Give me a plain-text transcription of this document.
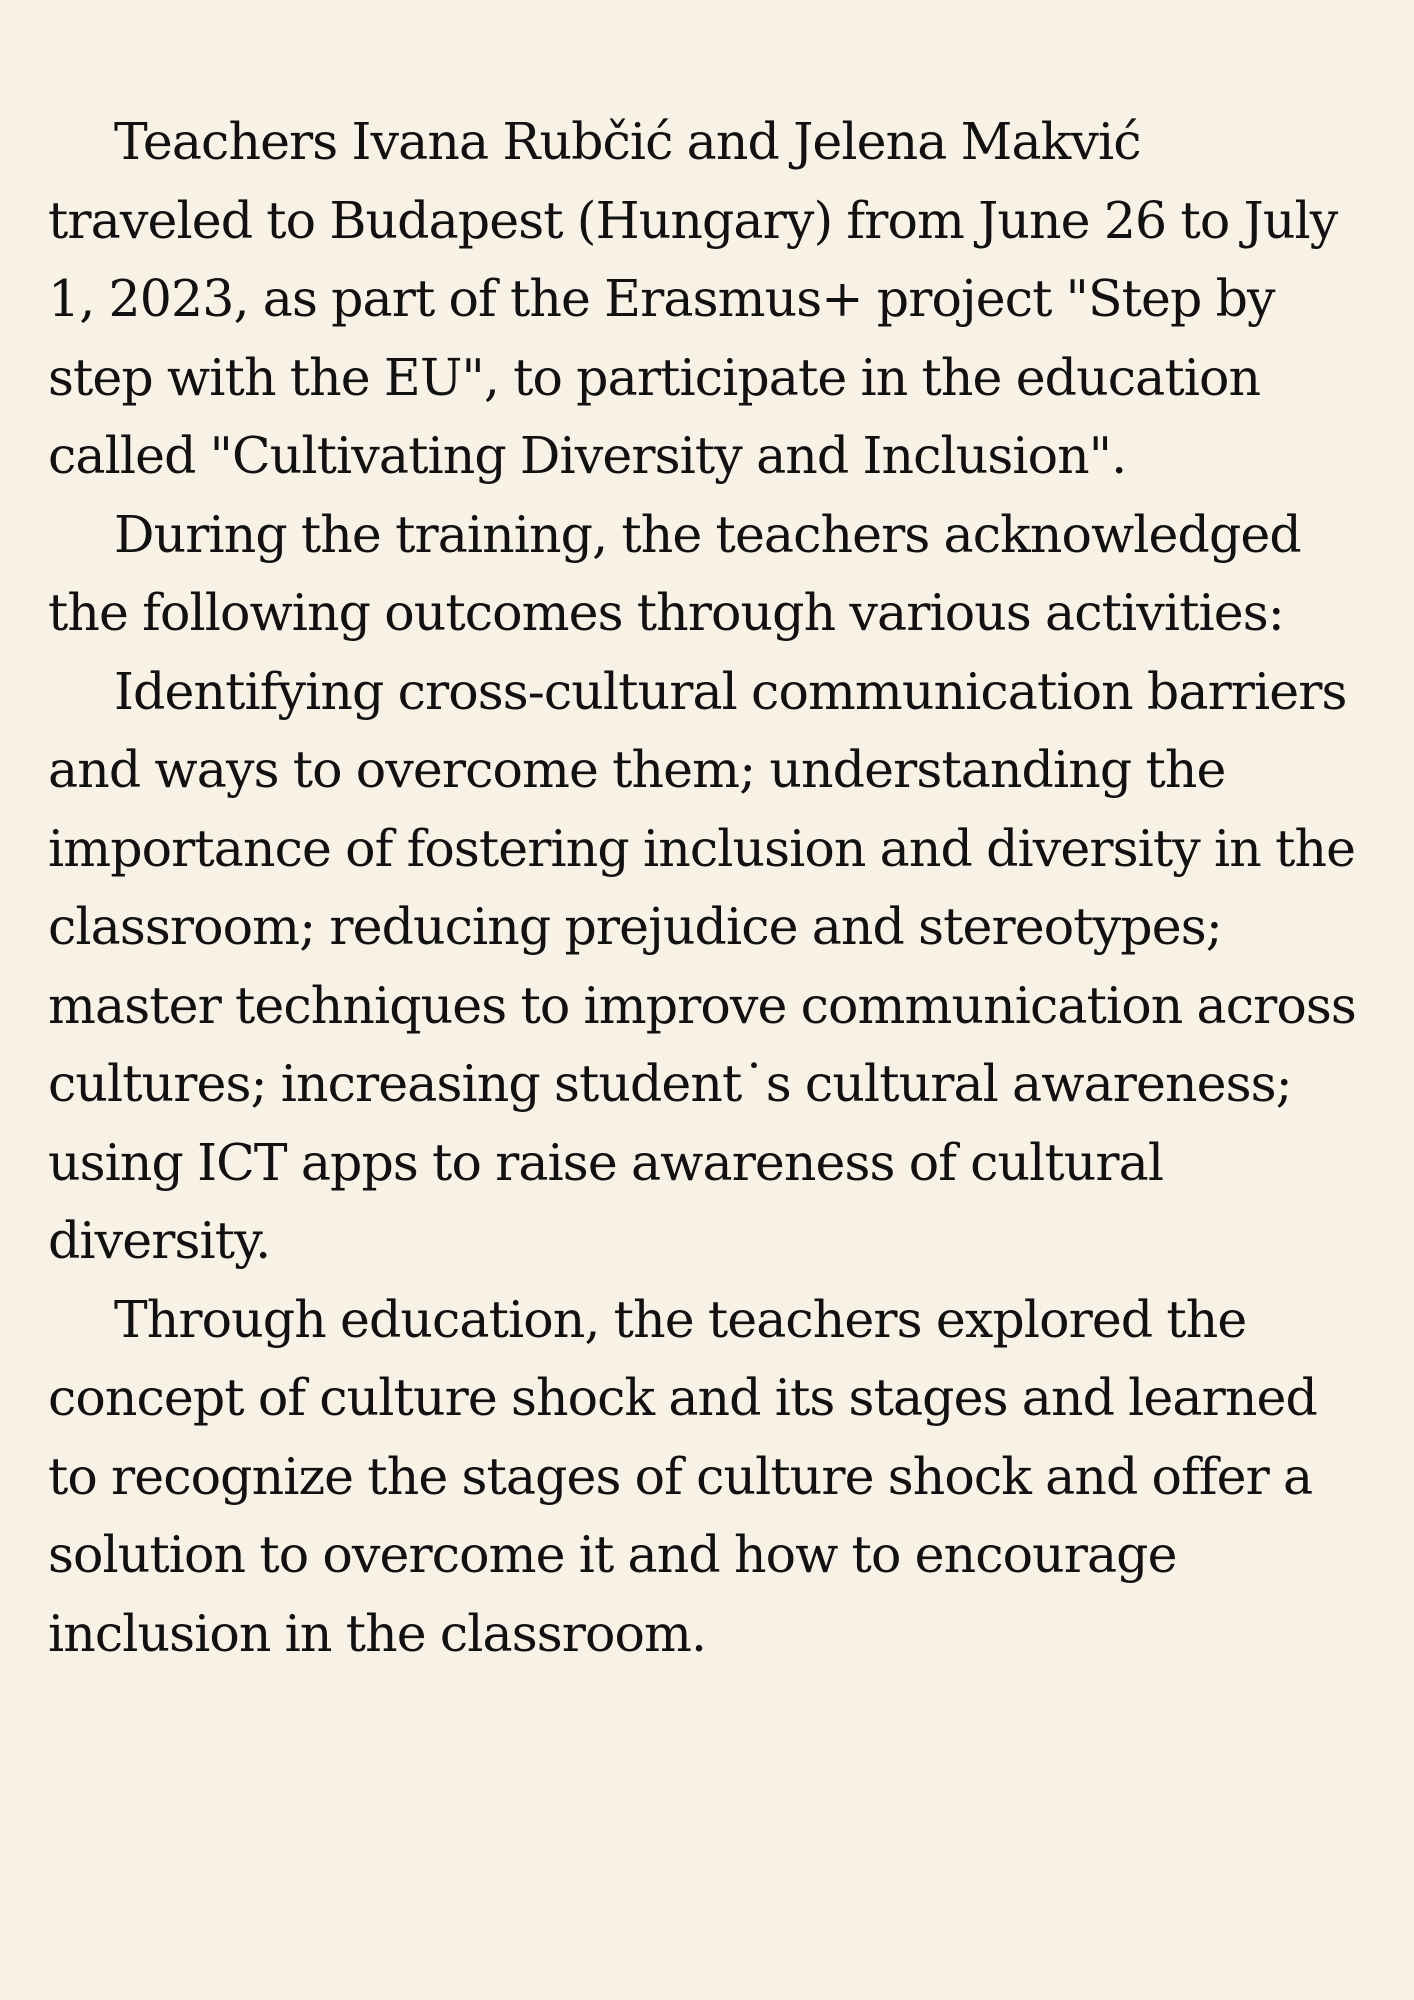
Teachers Ivana Rubčić and Jelena Makvić traveled to Budapest (Hungary) from June 26 to July 1, 2023, as part of the Erasmus+ project "Step by step with the EU", to participate in the education called "Cultivating Diversity and Inclusion".

During the training, the teachers acknowledged the following outcomes through various activities:

Identifying cross-cultural communication barriers and ways to overcome them; understanding the importance of fostering inclusion and diversity in the classroom; reducing prejudice and stereotypes; master techniques to improve communication across cultures; increasing student˙s cultural awareness; using ICT apps to raise awareness of cultural diversity.

Through education, the teachers explored the concept of culture shock and its stages and learned to recognize the stages of culture shock and offer a solution to overcome it and how to encourage inclusion in the classroom.
